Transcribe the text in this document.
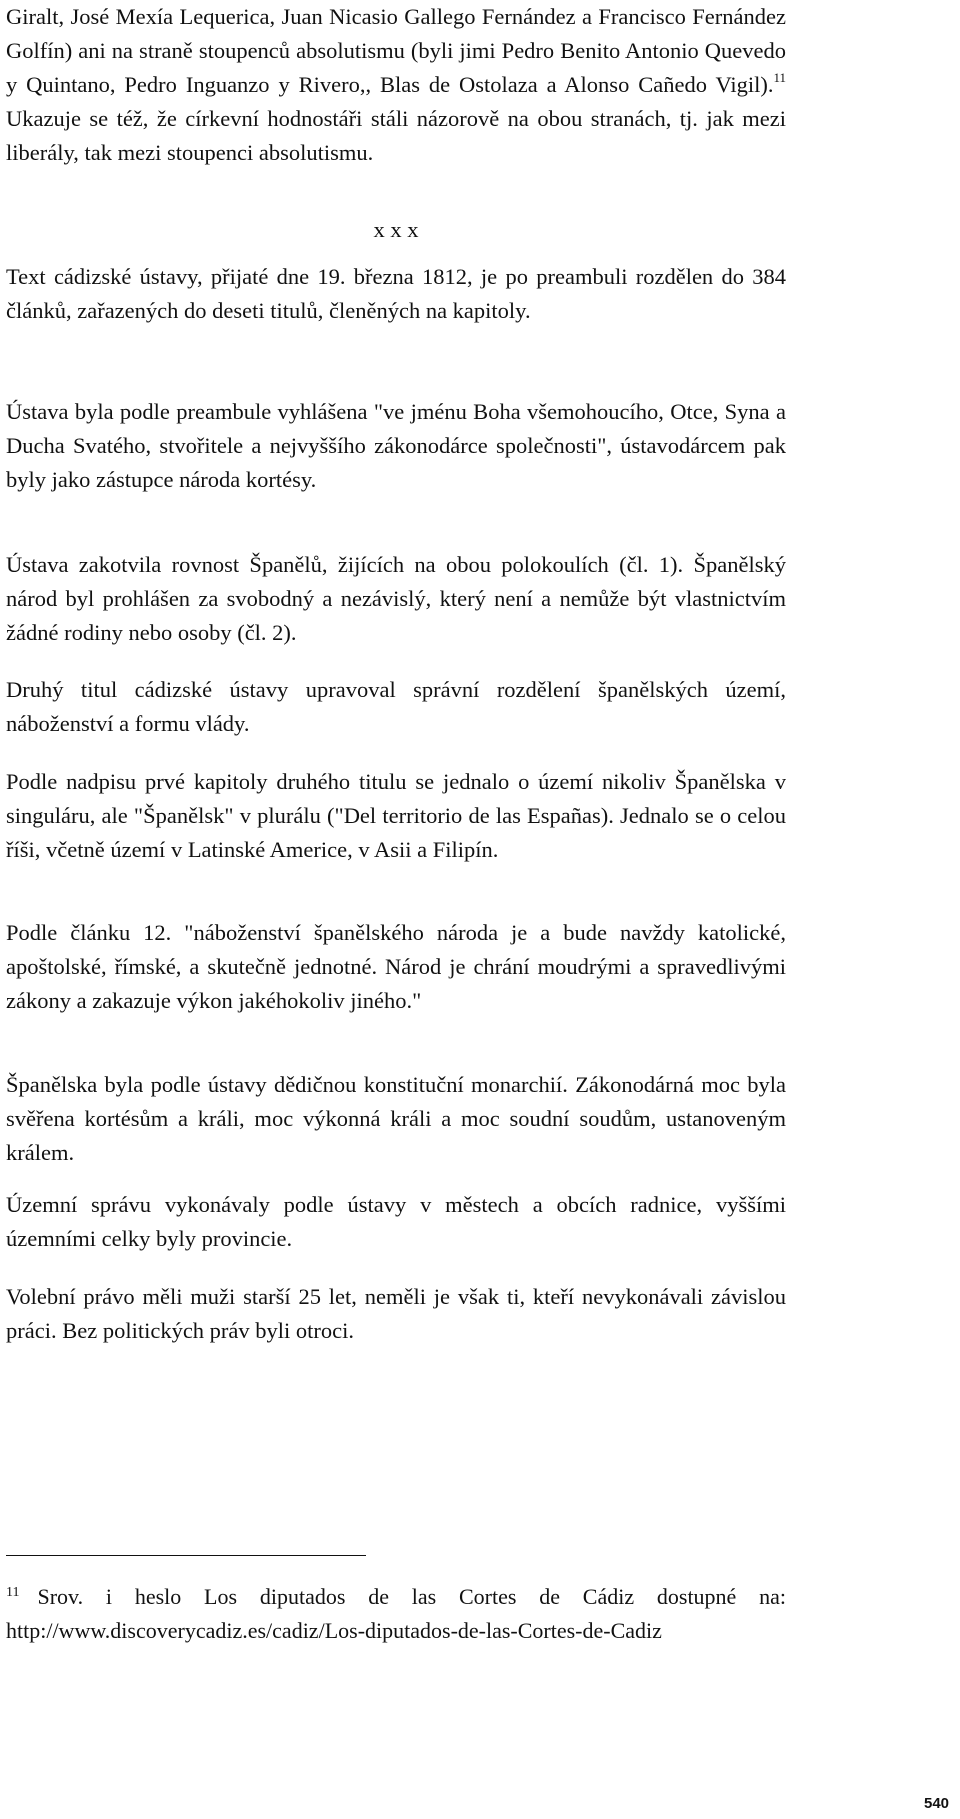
Giralt, José Mexía Lequerica, Juan Nicasio Gallego Fernández a Francisco Fernández Golfín) ani na straně stoupenců absolutismu (byli jimi Pedro Benito Antonio Quevedo y Quintano, Pedro Inguanzo y Rivero,, Blas de Ostolaza a Alonso Cañedo Vigil).$^{11}$ Ukazuje se též, že církevní hodnostáři stáli názorově na obou stranách, tj. jak mezi liberály, tak mezi stoupenci absolutismu.

x x x

Text cádizské ústavy, přijaté dne 19. března 1812, je po preambuli rozdělen do 384 článků, zařazených do deseti titulů, členěných na kapitoly.

Ústava byla podle preambule vyhlášena "ve jménu Boha všemohoucího, Otce, Syna a Ducha Svatého, stvořitele a nejvyššího zákonodárce společnosti", ústavodárcem pak byly jako zástupce národa kortésy.

Ústava zakotvila rovnost Španělů, žijících na obou polokoulích (čl. 1). Španělský národ byl prohlášen za svobodný a nezávislý, který není a nemůže být vlastnictvím žádné rodiny nebo osoby (čl. 2).

Druhý titul cádizské ústavy upravoval správní rozdělení španělských území, náboženství a formu vlády.

Podle nadpisu prvé kapitoly druhého titulu se jednalo o území nikoliv Španělska v singuláru, ale "Španělsk" v plurálu ("Del territorio de las Españas). Jednalo se o celou říši, včetně území v Latinské Americe, v Asii a Filipín.

Podle článku 12. "náboženství španělského národa je a bude navždy katolické, apoštolské, římské, a skutečně jednotné. Národ je chrání moudrými a spravedlivými zákony a zakazuje výkon jakéhokoliv jiného."

Španělska byla podle ústavy dědičnou konstituční monarchií. Zákonodárná moc byla svěřena kortésům a králi, moc výkonná králi a moc soudní soudům, ustanoveným králem.

Územní správu vykonávaly podle ústavy v městech a obcích radnice, vyššími územními celky byly provincie.

Volební právo měli muži starší 25 let, neměli je však ti, kteří nevykonávali závislou práci. Bez politických práv byli otroci.

$^{11}$ Srov. i heslo Los diputados de las Cortes de Cádiz dostupné na: http://www.discoverycadiz.es/cadiz/Los-diputados-de-las-Cortes-de-Cadiz
540
